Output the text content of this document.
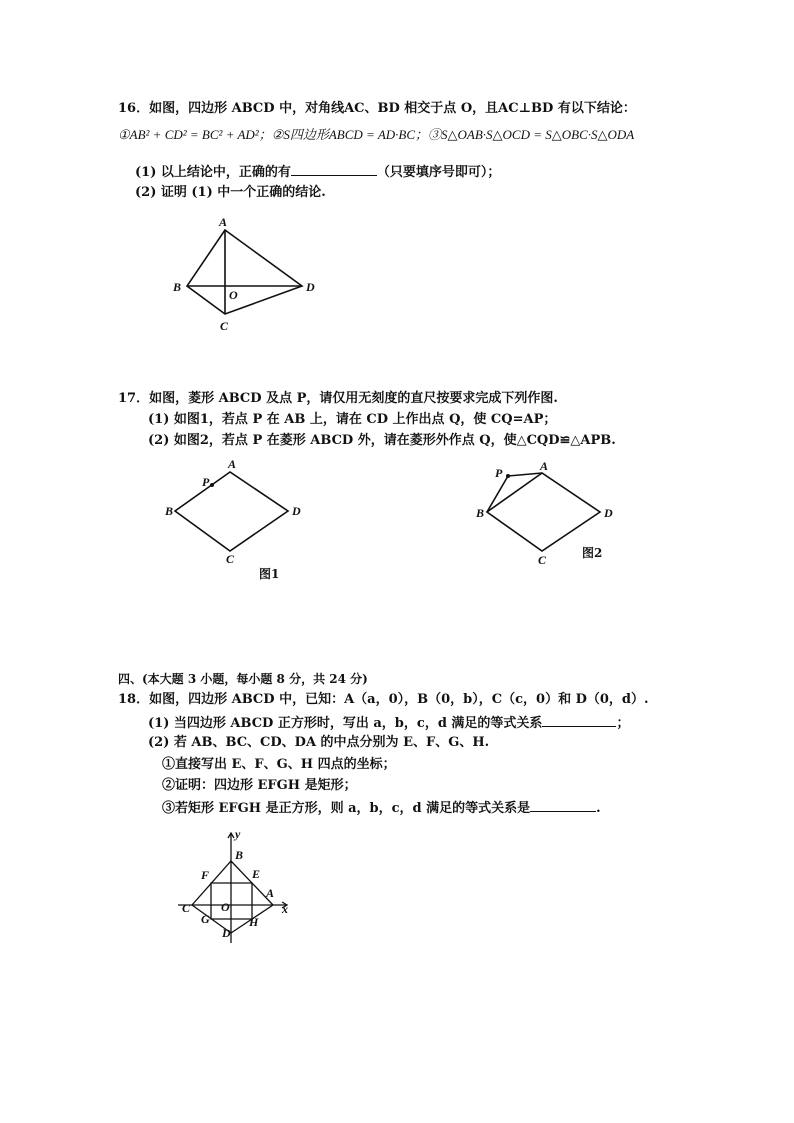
16．如图，四边形 ABCD 中，对角线AC、BD 相交于点 O，且AC⊥BD 有以下结论：
①AB² + CD² = BC² + AD²；②S四边形ABCD = AD·BC；③S△OAB·S△OCD = S△OBC·S△ODA
(1) 以上结论中，正确的有	（只要填序号即可）；
(2) 证明 (1) 中一个正确的结论.
17．如图，菱形 ABCD 及点 P，请仅用无刻度的直尺按要求完成下列作图.
(1) 如图1，若点 P 在 AB 上，请在 CD 上作出点 Q，使 CQ=AP；
(2) 如图2，若点 P 在菱形 ABCD 外，请在菱形外作点 Q，使△CQD≌△APB.
四、(本大题 3 小题，每小题 8 分，共 24 分)
18．如图，四边形 ABCD 中，已知：A（a，0），B（0，b），C（c，0）和 D（0，d）.
(1) 当四边形 ABCD 正方形时，写出 a，b，c，d 满足的等式关系	；
(2) 若 AB、BC、CD、DA 的中点分别为 E、F、G、H.
①直接写出 E、F、G、H 四点的坐标；
②证明：四边形 EFGH 是矩形；
③若矩形 EFGH 是正方形，则 a，b，c，d 满足的等式关系是	.
A
B
C
D
O
A
P
B
C
D
图1
A
P
B
C
D
图2
y
x
B
E
F
A
C	O
G	H
D
